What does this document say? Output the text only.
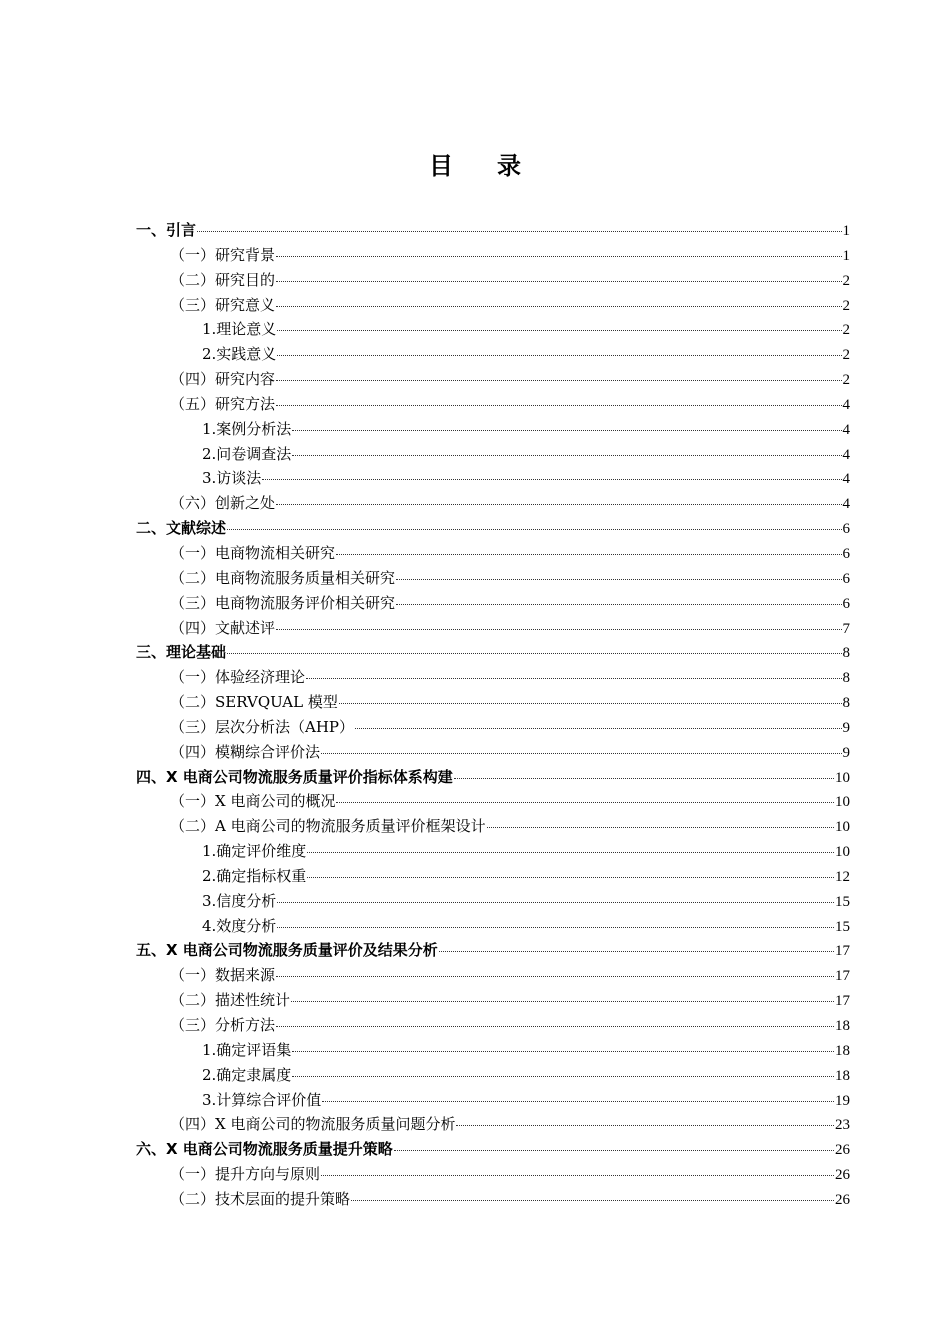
目录
一、引言	1
（一）研究背景	1
（二）研究目的	2
（三）研究意义	2
1.理论意义	2
2.实践意义	2
（四）研究内容	2
（五）研究方法	4
1.案例分析法	4
2.问卷调查法	4
3.访谈法	4
（六）创新之处	4
二、文献综述	6
（一）电商物流相关研究	6
（二）电商物流服务质量相关研究	6
（三）电商物流服务评价相关研究	6
（四）文献述评	7
三、理论基础	8
（一）体验经济理论	8
（二）SERVQUAL 模型	8
（三）层次分析法（AHP）	9
（四）模糊综合评价法	9
四、X 电商公司物流服务质量评价指标体系构建	10
（一）X 电商公司的概况	10
（二）A 电商公司的物流服务质量评价框架设计	10
1.确定评价维度	10
2.确定指标权重	12
3.信度分析	15
4.效度分析	15
五、X 电商公司物流服务质量评价及结果分析	17
（一）数据来源	17
（二）描述性统计	17
（三）分析方法	18
1.确定评语集	18
2.确定隶属度	18
3.计算综合评价值	19
（四）X 电商公司的物流服务质量问题分析	23
六、X 电商公司物流服务质量提升策略	26
（一）提升方向与原则	26
（二）技术层面的提升策略	26
